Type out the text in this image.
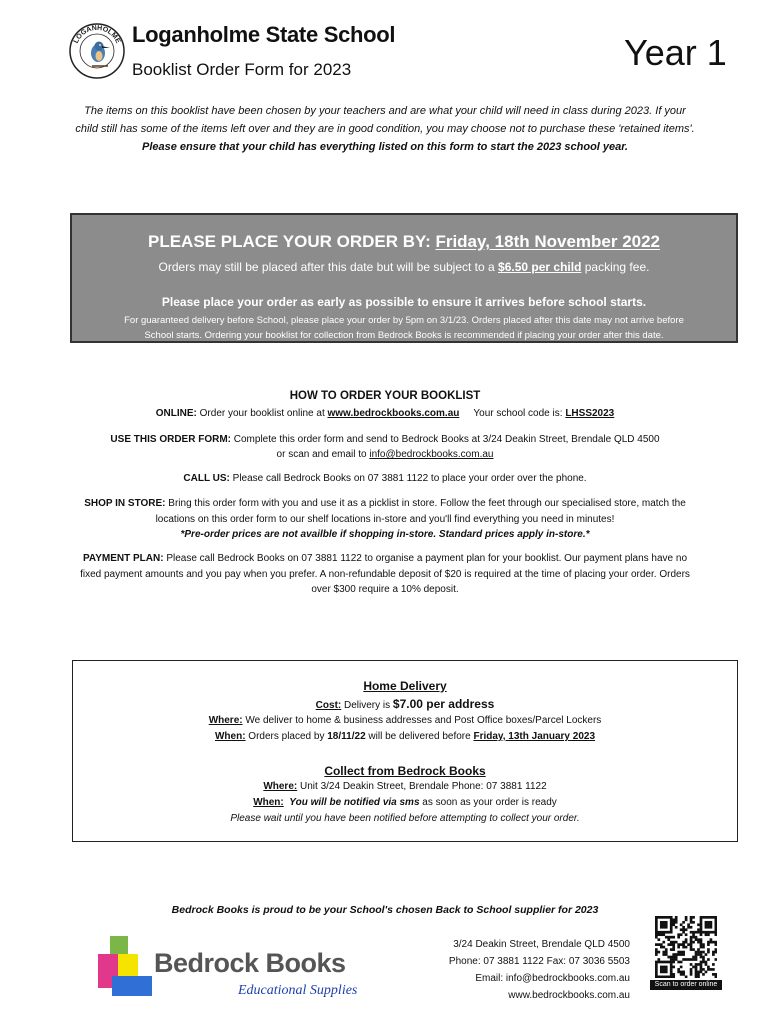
LOGANHOLME Loganholme State School
Booklist Order Form for 2023	Year 1
The items on this booklist have been chosen by your teachers and are what your child will need in class during 2023. If your
child still has some of the items left over and they are in good condition, you may choose not to purchase these 'retained items'.
Please ensure that your child has everything listed on this form to start the 2023 school year.
PLEASE PLACE YOUR ORDER BY: Friday, 18th November 2022
Orders may still be placed after this date but will be subject to a $6.50 per child packing fee.
Please place your order as early as possible to ensure it arrives before school starts.
For guaranteed delivery before School, please place your order by 5pm on 3/1/23. Orders placed after this date may not arrive before
School starts. Ordering your booklist for collection from Bedrock Books is recommended if placing your order after this date.
HOW TO ORDER YOUR BOOKLIST
ONLINE: Order your booklist online at www.bedrockbooks.com.au Your school code is: LHSS2023
USE THIS ORDER FORM: Complete this order form and send to Bedrock Books at 3/24 Deakin Street, Brendale QLD 4500
or scan and email to info@bedrockbooks.com.au
CALL US: Please call Bedrock Books on 07 3881 1122 to place your order over the phone.
SHOP IN STORE: Bring this order form with you and use it as a picklist in store. Follow the feet through our specialised store, match the
locations on this order form to our shelf locations in-store and you'll find everything you need in minutes!
*Pre-order prices are not availble if shopping in-store. Standard prices apply in-store.*
PAYMENT PLAN: Please call Bedrock Books on 07 3881 1122 to organise a payment plan for your booklist. Our payment plans have no
fixed payment amounts and you pay when you prefer. A non-refundable deposit of $20 is required at the time of placing your order. Orders
over $300 require a 10% deposit.
Home Delivery
Cost: Delivery is $7.00 per address
Where: We deliver to home & business addresses and Post Office boxes/Parcel Lockers
When: Orders placed by 18/11/22 will be delivered before Friday, 13th January 2023
Collect from Bedrock Books
Where: Unit 3/24 Deakin Street, Brendale Phone: 07 3881 1122
When: You will be notified via sms as soon as your order is ready
Please wait until you have been notified before attempting to collect your order.
Bedrock Books is proud to be your School's chosen Back to School supplier for 2023
Bedrock Books
Educational Supplies
3/24 Deakin Street, Brendale QLD 4500
Phone: 07 3881 1122 Fax: 07 3036 5503
Email: info@bedrockbooks.com.au
www.bedrockbooks.com.au
Scan to order online
